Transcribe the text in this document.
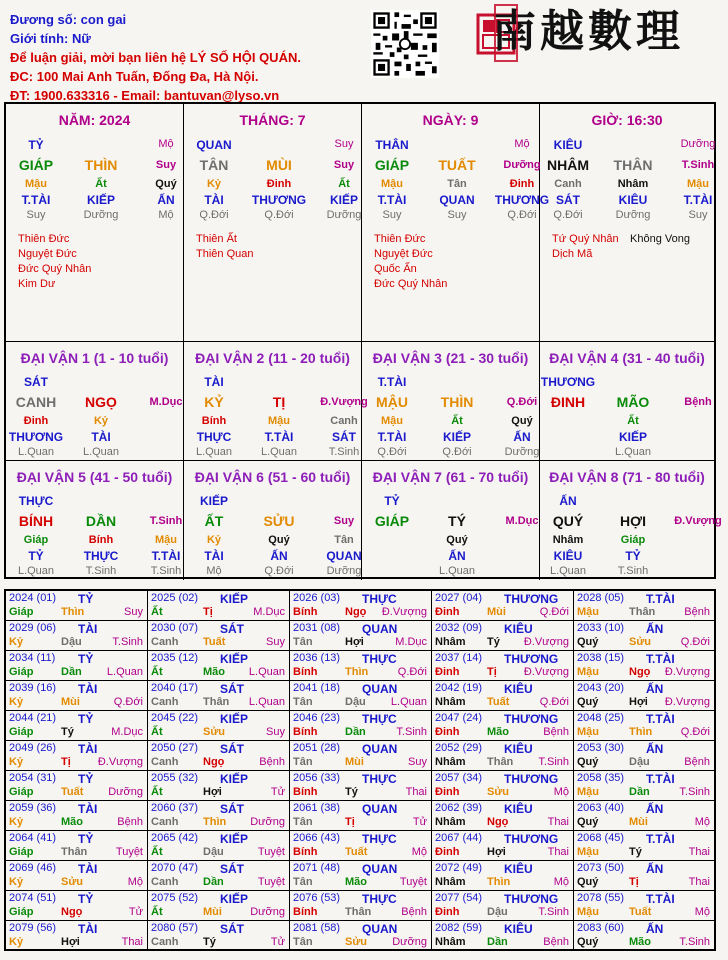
Đương số: con gai
Giới tính: Nữ
Để luận giải, mời bạn liên hệ LÝ SỐ HỘI QUÁN.
ĐC: 100 Mai Anh Tuấn, Đống Đa, Hà Nội.
ĐT: 1900.633316 - Email: bantuvan@lyso.vn
南越數理
NĂM: 2024
TỶ	Mộ
GIÁP	THÌN	Suy
Mậu	Ất	Quý
T.TÀI	KIẾP	ẤN
Suy	Dưỡng	Mộ
Thiên Đức
Nguyệt Đức
Đức Quý Nhân
Kim Dư
THÁNG: 7
QUAN	Suy
TÂN	MÙI	Suy
Kỷ	Đinh	Ất
TÀI	THƯƠNG	KIẾP
Q.Đới	Q.Đới	Dưỡng
Thiên Ất
Thiên Quan
NGÀY: 9
THÂN	Mộ
GIÁP	TUẤT	Dưỡng
Mậu	Tân	Đinh
T.TÀI	QUAN	THƯƠNG
Suy	Suy	Q.Đới
Thiên Đức
Nguyệt Đức
Quốc Ấn
Đức Quý Nhân
GIỜ: 16:30
KIÊU	Dưỡng
NHÂM	THÂN	T.Sinh
Canh	Nhâm	Mậu
SÁT	KIÊU	T.TÀI
Q.Đới	Dưỡng	Suy
Tứ Quý Nhân
Dịch Mã
Không Vong
ĐẠI VẬN 1 (1 - 10 tuổi)
SÁT
CANH	NGỌ	M.Dục
Đinh	Kỷ
THƯƠNG	TÀI
L.Quan	L.Quan
ĐẠI VẬN 2 (11 - 20 tuổi)
TÀI
KỶ	TỊ	Đ.Vượng
Bính	Mậu	Canh
THỰC	T.TÀI	SÁT
L.Quan	L.Quan	T.Sinh
ĐẠI VẬN 3 (21 - 30 tuổi)
T.TÀI
MẬU	THÌN	Q.Đới
Mậu	Ất	Quý
T.TÀI	KIẾP	ẤN
Q.Đới	Q.Đới	Dưỡng
ĐẠI VẬN 4 (31 - 40 tuổi)
THƯƠNG
ĐINH	MÃO	Bệnh
Ất
KIẾP
L.Quan
ĐẠI VẬN 5 (41 - 50 tuổi)
THỰC
BÍNH	DẦN	T.Sinh
Giáp	Bính	Mậu
TỶ	THỰC	T.TÀI
L.Quan	T.Sinh	T.Sinh
ĐẠI VẬN 6 (51 - 60 tuổi)
KIẾP
ẤT	SỬU	Suy
Kỷ	Quý	Tân
TÀI	ẤN	QUAN
Mộ	Q.Đới	Dưỡng
ĐẠI VẬN 7 (61 - 70 tuổi)
TỶ
GIÁP	TÝ	M.Dục
Quý
ẤN
L.Quan
ĐẠI VẬN 8 (71 - 80 tuổi)
ẤN
QUÝ	HỢI	Đ.Vượng
Nhâm	Giáp
KIÊU	TỶ
L.Quan	T.Sinh
2024 (01) TỶ
Giáp	Thìn	Suy
2025 (02) KIẾP
Ất	Tị	M.Dục
2026 (03) THỰC
Bính	Ngọ Đ.Vượng
2027 (04) THƯƠNG
Đinh	Mùi	Q.Đới
2028 (05) T.TÀI
Mậu	Thân	Bệnh
2029 (06) TÀI
Kỷ	Dậu	T.Sinh
2030 (07) SÁT
Canh Tuất	Suy
2031 (08) QUAN
Tân	Hợi	M.Dục
2032 (09) KIÊU
Nhâm Tý Đ.Vượng
2033 (10) ẤN
Quý	Sửu	Q.Đới
2034 (11) TỶ
Giáp	Dần L.Quan
2035 (12) KIẾP
Ất	Mão L.Quan
2036 (13) THỰC
Bính	Thìn	Q.Đới
2037 (14) THƯƠNG
Đinh	Tị Đ.Vượng
2038 (15) T.TÀI
Mậu	Ngọ Đ.Vượng
2039 (16) TÀI
Kỷ	Mùi	Q.Đới
2040 (17) SÁT
Canh Thân L.Quan
2041 (18) QUAN
Tân	Dậu L.Quan
2042 (19) KIÊU
Nhâm Tuất	Q.Đới
2043 (20) ẤN
Quý	Hợi Đ.Vượng
2044 (21) TỶ
Giáp	Tý	M.Dục
2045 (22) KIẾP
Ất	Sửu	Suy
2046 (23) THỰC
Bính	Dần	T.Sinh
2047 (24) THƯƠNG
Đinh	Mão	Bệnh
2048 (25) T.TÀI
Mậu	Thìn	Q.Đới
2049 (26) TÀI
Kỷ	Tị Đ.Vượng
2050 (27) SÁT
Canh Ngọ	Bệnh
2051 (28) QUAN
Tân	Mùi	Suy
2052 (29) KIÊU
Nhâm Thân T.Sinh
2053 (30) ẤN
Quý	Dậu	Bệnh
2054 (31) TỶ
Giáp	Tuất Dưỡng
2055 (32) KIẾP
Ất	Hợi	Tử
2056 (33) THỰC
Bính	Tý	Thai
2057 (34) THƯƠNG
Đinh	Sửu	Mộ
2058 (35) T.TÀI
Mậu	Dần	T.Sinh
2059 (36) TÀI
Kỷ	Mão	Bệnh
2060 (37) SÁT
Canh Thìn Dưỡng
2061 (38) QUAN
Tân	Tị	Tử
2062 (39) KIÊU
Nhâm Ngọ	Thai
2063 (40) ẤN
Quý	Mùi	Mộ
2064 (41) TỶ
Giáp	Thân	Tuyệt
2065 (42) KIẾP
Ất	Dậu	Tuyệt
2066 (43) THỰC
Bính	Tuất	Mộ
2067 (44) THƯƠNG
Đinh	Hợi	Thai
2068 (45) T.TÀI
Mậu	Tý	Thai
2069 (46) TÀI
Kỷ	Sửu	Mộ
2070 (47) SÁT
Canh Dần	Tuyệt
2071 (48) QUAN
Tân	Mão	Tuyệt
2072 (49) KIÊU
Nhâm Thìn	Mộ
2073 (50) ẤN
Quý	Tị	Thai
2074 (51) TỶ
Giáp	Ngọ	Tử
2075 (52) KIẾP
Ất	Mùi	Dưỡng
2076 (53) THỰC
Bính	Thân	Bệnh
2077 (54) THƯƠNG
Đinh	Dậu	T.Sinh
2078 (55) T.TÀI
Mậu	Tuất	Mộ
2079 (56) TÀI
Kỷ	Hợi	Thai
2080 (57) SÁT
Canh Tý	Tử
2081 (58) QUAN
Tân	Sửu Dưỡng
2082 (59) KIÊU
Nhâm Dần	Bệnh
2083 (60) ẤN
Quý	Mão	T.Sinh
